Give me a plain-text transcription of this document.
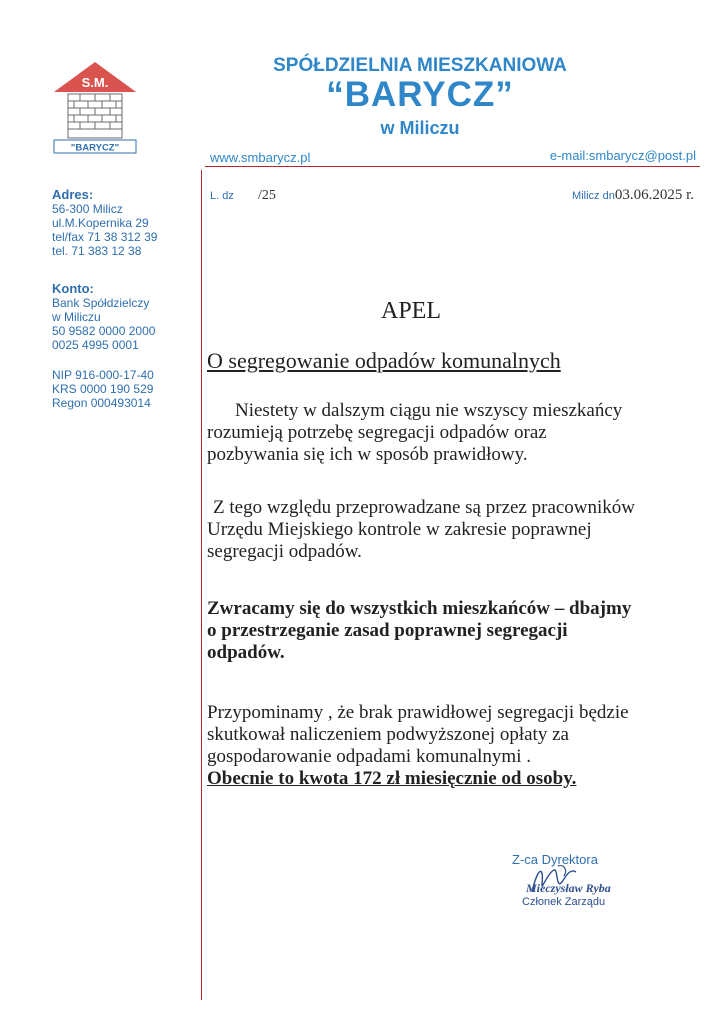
S.M.
"BARYCZ"
SPÓŁDZIELNIA MIESZKANIOWA
“BARYCZ”
w Miliczu
www.smbarycz.pl	e-mail:smbarycz@post.pl
Adres:
56-300 Milicz
ul.M.Kopernika 29
tel/fax 71 38 312 39
tel. 71 383 12 38
Konto:
Bank Spółdzielczy
w Miliczu
50 9582 0000 2000
0025 4995 0001
NIP 916-000-17-40
KRS 0000 190 529
Regon 000493014
L. dz /25	Milicz dn03.06.2025 r.
APEL
O segregowanie odpadów komunalnych
Niestety w dalszym ciągu nie wszyscy mieszkańcy
rozumieją potrzebę segregacji odpadów oraz
pozbywania się ich w sposób prawidłowy.
Z tego względu przeprowadzane są przez pracowników
Urzędu Miejskiego kontrole w zakresie poprawnej
segregacji odpadów.
Zwracamy się do wszystkich mieszkańców – dbajmy
o przestrzeganie zasad poprawnej segregacji
odpadów.
Przypominamy , że brak prawidłowej segregacji będzie
skutkował naliczeniem podwyższonej opłaty za
gospodarowanie odpadami komunalnymi .
Obecnie to kwota 172 zł miesięcznie od osoby.
Z-ca Dyrektora
Mieczysław Ryba
Członek Zarządu
